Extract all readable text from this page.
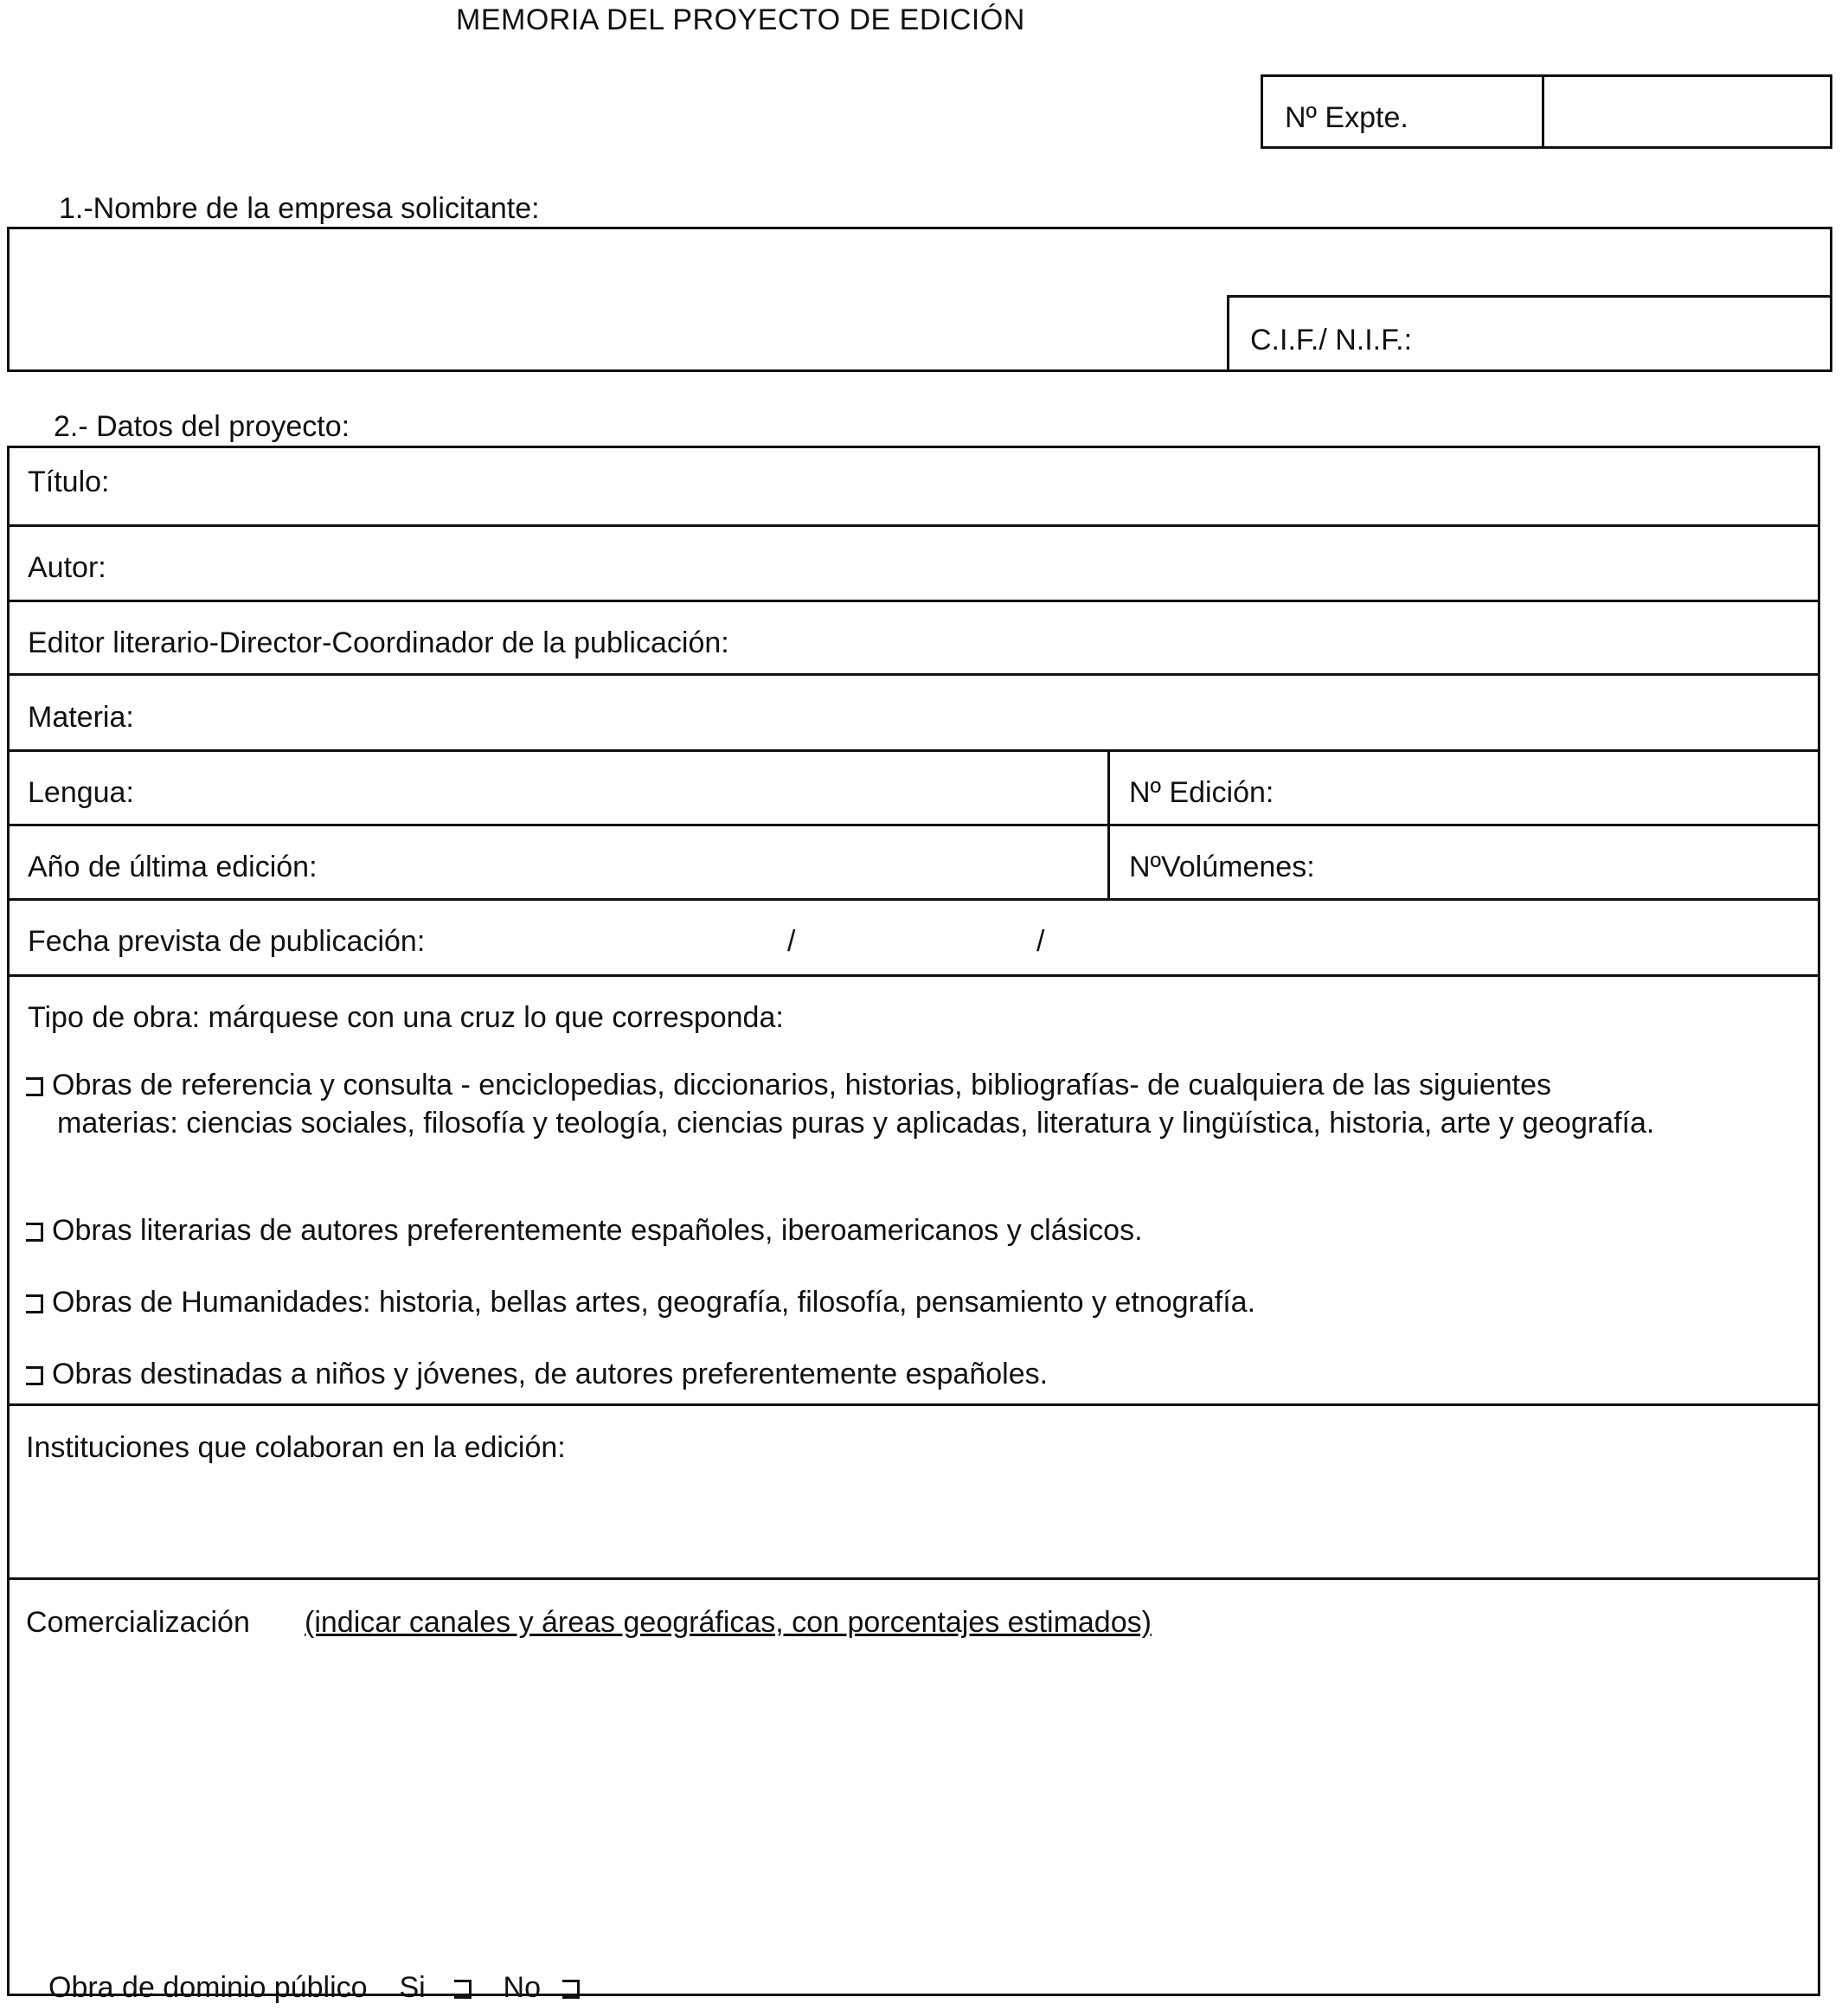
MEMORIA DEL PROYECTO DE EDICIÓN
Nº Expte.
1.-Nombre de la empresa solicitante:
C.I.F./ N.I.F.:
2.- Datos del proyecto:
Título:
Autor:
Editor literario-Director-Coordinador de la publicación:
Materia:
Lengua:	Nº Edición:
Año de última edición:	NºVolúmenes:
Fecha prevista de publicación:	/	/
Tipo de obra: márquese con una cruz lo que corresponda:
Obras de referencia y consulta - enciclopedias, diccionarios, historias, bibliografías- de cualquiera de las siguientes materias: ciencias sociales, filosofía y teología, ciencias puras y aplicadas, literatura y lingüística, historia, arte y geografía.
Obras literarias de autores preferentemente españoles, iberoamericanos y clásicos.
Obras de Humanidades: historia, bellas artes, geografía, filosofía, pensamiento y etnografía.
Obras destinadas a niños y jóvenes, de autores preferentemente españoles.
Instituciones que colaboran en la edición:
Comercialización (indicar canales y áreas geográficas, con porcentajes estimados)
Obra de dominio público Si	No
